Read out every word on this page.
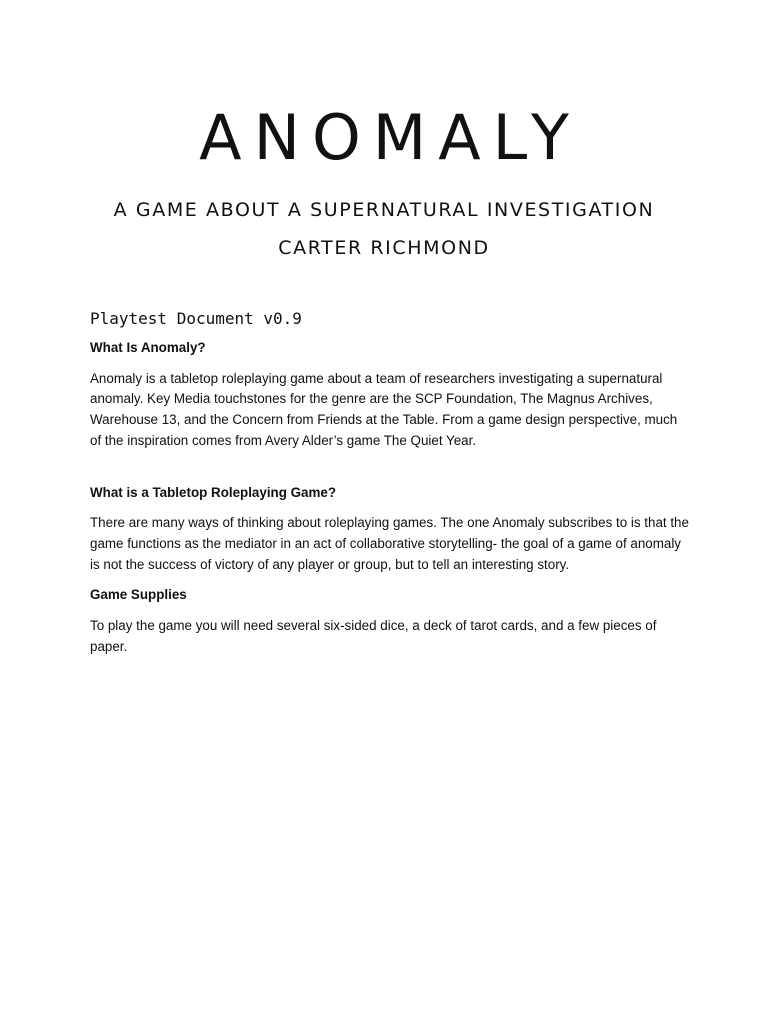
ANOMALY

A GAME ABOUT A SUPERNATURAL INVESTIGATION

CARTER RICHMOND

Playtest Document v0.9

What Is Anomaly?

Anomaly is a tabletop roleplaying game about a team of researchers investigating a supernatural anomaly. Key Media touchstones for the genre are the SCP Foundation, The Magnus Archives, Warehouse 13, and the Concern from Friends at the Table. From a game design perspective, much of the inspiration comes from Avery Alder’s game The Quiet Year.

What is a Tabletop Roleplaying Game?

There are many ways of thinking about roleplaying games. The one Anomaly subscribes to is that the game functions as the mediator in an act of collaborative storytelling- the goal of a game of anomaly is not the success of victory of any player or group, but to tell an interesting story.

Game Supplies

To play the game you will need several six-sided dice, a deck of tarot cards, and a few pieces of paper.
